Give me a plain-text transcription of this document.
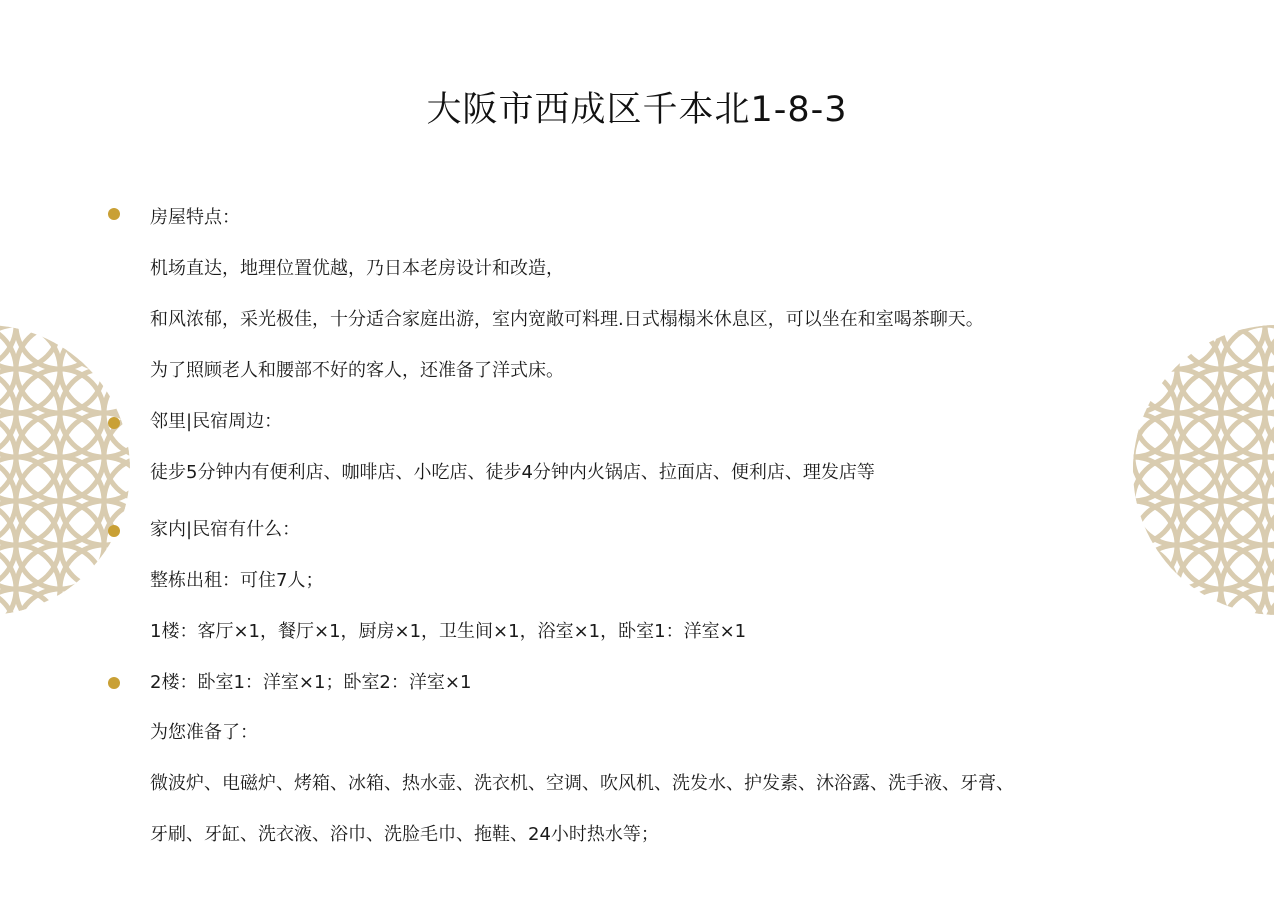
大阪市西成区千本北1-8-3
房屋特点：
机场直达，地理位置优越，乃日本老房设计和改造，
和风浓郁，采光极佳，十分适合家庭出游，室内宽敞可料理.日式榻榻米休息区，可以坐在和室喝茶聊天。
为了照顾老人和腰部不好的客人，还准备了洋式床。
邻里|民宿周边：
徒步5分钟内有便利店、咖啡店、小吃店、徒步4分钟内火锅店、拉面店、便利店、理发店等
家内|民宿有什么：
整栋出租：可住7人；
1楼：客厅×1，餐厅×1，厨房×1，卫生间×1，浴室×1，卧室1：洋室×1
2楼：卧室1：洋室×1；卧室2：洋室×1
为您准备了：
微波炉、电磁炉、烤箱、冰箱、热水壶、洗衣机、空调、吹风机、洗发水、护发素、沐浴露、洗手液、牙膏、
牙刷、牙缸、洗衣液、浴巾、洗脸毛巾、拖鞋、24小时热水等；
